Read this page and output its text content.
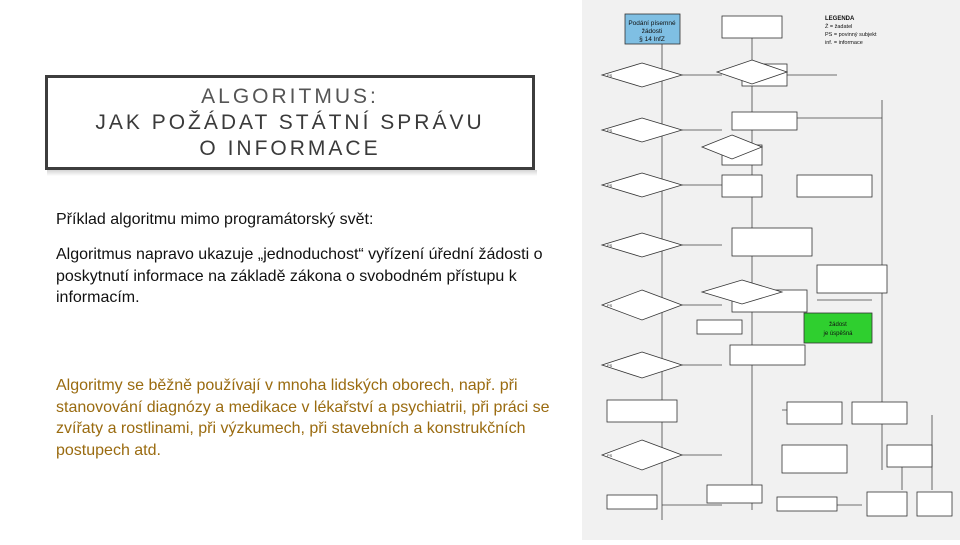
Podání písemné
žádosti
§ 14 InfZ
LEGENDA
Ž = žadatel
PS = povinný subjekt
inf. = informace
žádost
je úspěšná
PS
PS
PS
PS
PS
PS
PS
ALGORITMUS:
JAK POŽÁDAT STÁTNÍ SPRÁVU
O INFORMACE
Příklad algoritmu mimo programátorský svět:
Algoritmus napravo ukazuje „jednoduchost“ vyřízení úřední žádosti o poskytnutí informace na základě zákona o svobodném přístupu k informacím.
Algoritmy se běžně používají v mnoha lidských oborech, např. při stanovování diagnózy a medikace v lékařství a psychiatrii, při práci se zvířaty a rostlinami, při výzkumech, při stavebních a konstrukčních postupech atd.
